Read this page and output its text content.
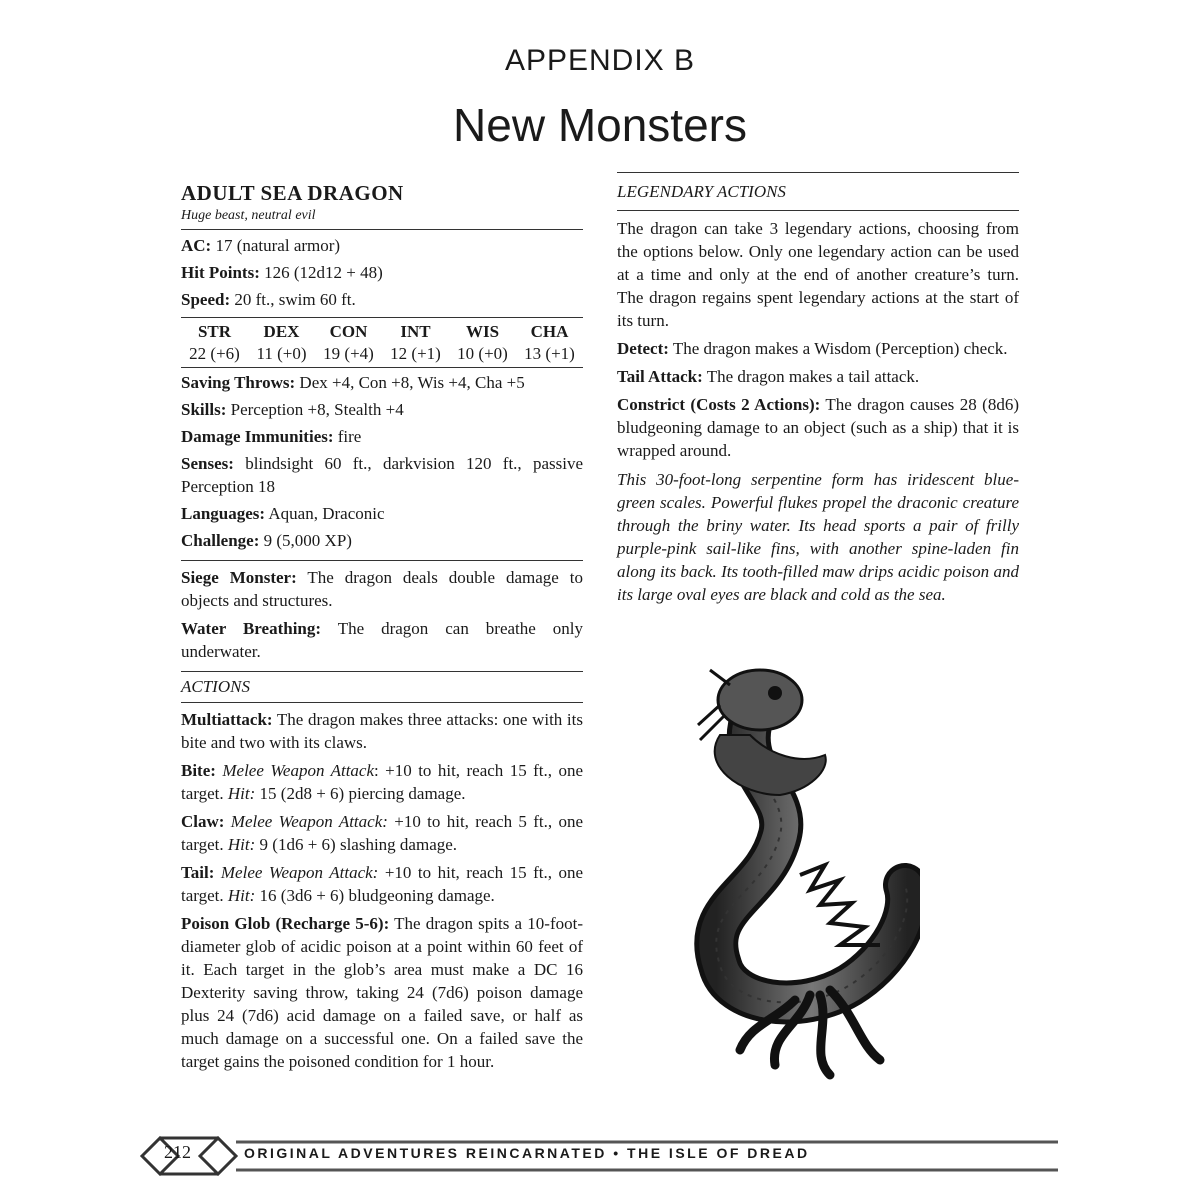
APPENDIX B
New Monsters
ADULT SEA DRAGON
Huge beast, neutral evil
AC: 17 (natural armor)
Hit Points: 126 (12d12 + 48)
Speed: 20 ft., swim 60 ft.
STR
22 (+6)
DEX
11 (+0)
CON
19 (+4)
INT
12 (+1)
WIS
10 (+0)
CHA
13 (+1)
Saving Throws: Dex +4, Con +8, Wis +4, Cha +5
Skills: Perception +8, Stealth +4
Damage Immunities: fire

Senses: blindsight 60 ft., darkvision 120 ft., passive Perception 18

Languages: Aquan, Draconic
Challenge: 9 (5,000 XP)

Siege Monster: The dragon deals double damage to objects and structures.

Water Breathing: The dragon can breathe only underwater.

ACTIONS

Multiattack: The dragon makes three attacks: one with its bite and two with its claws.

Bite: Melee Weapon Attack: +10 to hit, reach 15 ft., one target. Hit: 15 (2d8 + 6) piercing damage.

Claw: Melee Weapon Attack: +10 to hit, reach 5 ft., one target. Hit: 9 (1d6 + 6) slashing damage.

Tail: Melee Weapon Attack: +10 to hit, reach 15 ft., one target. Hit: 16 (3d6 + 6) bludgeoning damage.

Poison Glob (Recharge 5-6): The dragon spits a 10-foot-diameter glob of acidic poison at a point within 60 feet of it. Each target in the glob’s area must make a DC 16 Dexterity saving throw, taking 24 (7d6) poison damage plus 24 (7d6) acid damage on a failed save, or half as much damage on a successful one. On a failed save the target gains the poisoned condition for 1 hour.

LEGENDARY ACTIONS

The dragon can take 3 legendary actions, choosing from the options below. Only one legendary action can be used at a time and only at the end of another creature’s turn. The dragon regains spent legendary actions at the start of its turn.

Detect: The dragon makes a Wisdom (Perception) check.

Tail Attack: The dragon makes a tail attack.

Constrict (Costs 2 Actions): The dragon causes 28 (8d6) bludgeoning damage to an object (such as a ship) that it is wrapped around.

This 30-foot-long serpentine form has iridescent blue-green scales. Powerful flukes propel the draconic creature through the briny water. Its head sports a pair of frilly purple-pink sail-like fins, with another spine-laden fin along its back. Its tooth-filled maw drips acidic poison and its large oval eyes are black and cold as the sea.

212	ORIGINAL ADVENTURES REINCARNATED • THE ISLE OF DREAD
